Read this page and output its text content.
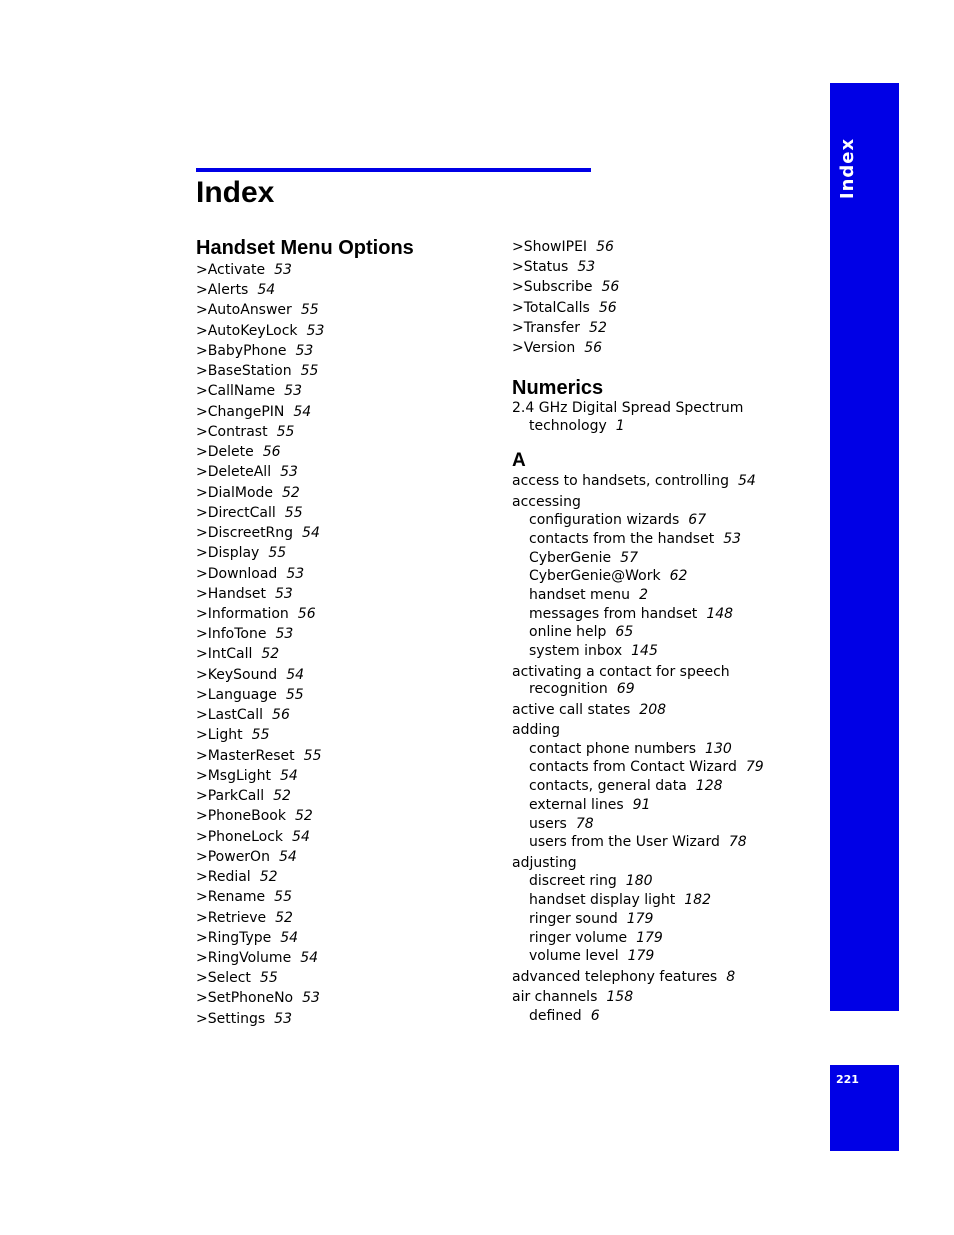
Index
221
Index
Handset Menu Options
>Activate 53
>Alerts 54
>AutoAnswer 55
>AutoKeyLock 53
>BabyPhone 53
>BaseStation 55
>CallName 53
>ChangePIN 54
>Contrast 55
>Delete 56
>DeleteAll 53
>DialMode 52
>DirectCall 55
>DiscreetRng 54
>Display 55
>Download 53
>Handset 53
>Information 56
>InfoTone 53
>IntCall 52
>KeySound 54
>Language 55
>LastCall 56
>Light 55
>MasterReset 55
>MsgLight 54
>ParkCall 52
>PhoneBook 52
>PhoneLock 54
>PowerOn 54
>Redial 52
>Rename 55
>Retrieve 52
>RingType 54
>RingVolume 54
>Select 55
>SetPhoneNo 53
>Settings 53
>ShowIPEI 56
>Status 53
>Subscribe 56
>TotalCalls 56
>Transfer 52
>Version 56
Numerics
2.4 GHz Digital Spread Spectrum
technology 1
A
access to handsets, controlling 54
accessing
configuration wizards 67
contacts from the handset 53
CyberGenie 57
CyberGenie@Work 62
handset menu 2
messages from handset 148
online help 65
system inbox 145
activating a contact for speech
recognition 69
active call states 208
adding
contact phone numbers 130
contacts from Contact Wizard 79
contacts, general data 128
external lines 91
users 78
users from the User Wizard 78
adjusting
discreet ring 180
handset display light 182
ringer sound 179
ringer volume 179
volume level 179
advanced telephony features 8
air channels 158
defined 6
